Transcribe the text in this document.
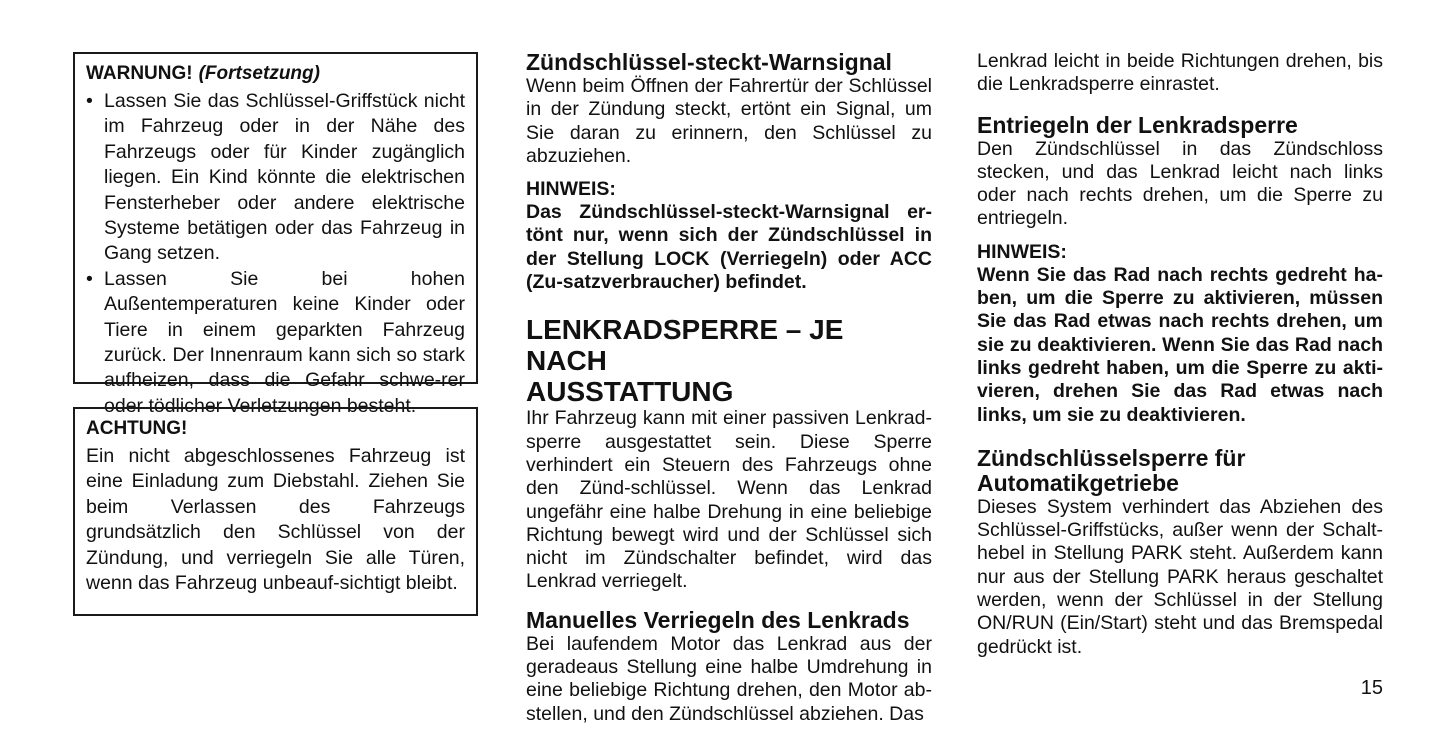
WARNUNG! (Fortsetzung)
• Lassen Sie das Schlüssel-Griffstück nicht im Fahrzeug oder in der Nähe des Fahrzeugs oder für Kinder zugänglich liegen. Ein Kind könnte die elektrischen Fensterheber oder andere elektrische Systeme betätigen oder das Fahrzeug in Gang setzen.
• Lassen Sie bei hohen Außentemperaturen keine Kinder oder Tiere in einem geparkten Fahrzeug zurück. Der Innenraum kann sich so stark aufheizen, dass die Gefahr schwe-rer oder tödlicher Verletzungen besteht.
ACHTUNG!

Ein nicht abgeschlossenes Fahrzeug ist eine Einladung zum Diebstahl. Ziehen Sie beim Verlassen des Fahrzeugs grundsätzlich den Schlüssel von der Zündung, und verriegeln Sie alle Türen, wenn das Fahrzeug unbeauf-sichtigt bleibt.

Zündschlüssel-steckt-Warnsignal

Wenn beim Öffnen der Fahrertür der Schlüssel in der Zündung steckt, ertönt ein Signal, um Sie daran zu erinnern, den Schlüssel zu abzuziehen.

HINWEIS:

Das Zündschlüssel-steckt-Warnsignal er-tönt nur, wenn sich der Zündschlüssel in der Stellung LOCK (Verriegeln) oder ACC (Zu-satzverbraucher) befindet.

LENKRADSPERRE – JE NACH
AUSSTATTUNG

Ihr Fahrzeug kann mit einer passiven Lenkrad-sperre ausgestattet sein. Diese Sperre verhindert ein Steuern des Fahrzeugs ohne den Zünd-schlüssel. Wenn das Lenkrad ungefähr eine halbe Drehung in eine beliebige Richtung bewegt wird und der Schlüssel sich nicht im Zündschalter befindet, wird das Lenkrad verriegelt.

Manuelles Verriegeln des Lenkrads

Bei laufendem Motor das Lenkrad aus der geradeaus Stellung eine halbe Umdrehung in eine beliebige Richtung drehen, den Motor ab-stellen, und den Zündschlüssel abziehen. Das

Lenkrad leicht in beide Richtungen drehen, bis die Lenkradsperre einrastet.

Entriegeln der Lenkradsperre

Den Zündschlüssel in das Zündschloss stecken, und das Lenkrad leicht nach links oder nach rechts drehen, um die Sperre zu entriegeln.

HINWEIS:

Wenn Sie das Rad nach rechts gedreht ha-ben, um die Sperre zu aktivieren, müssen Sie das Rad etwas nach rechts drehen, um sie zu deaktivieren. Wenn Sie das Rad nach links gedreht haben, um die Sperre zu akti-vieren, drehen Sie das Rad etwas nach links, um sie zu deaktivieren.

Zündschlüsselsperre für
Automatikgetriebe

Dieses System verhindert das Abziehen des Schlüssel-Griffstücks, außer wenn der Schalt-hebel in Stellung PARK steht. Außerdem kann nur aus der Stellung PARK heraus geschaltet werden, wenn der Schlüssel in der Stellung ON/RUN (Ein/Start) steht und das Bremspedal gedrückt ist.

15
